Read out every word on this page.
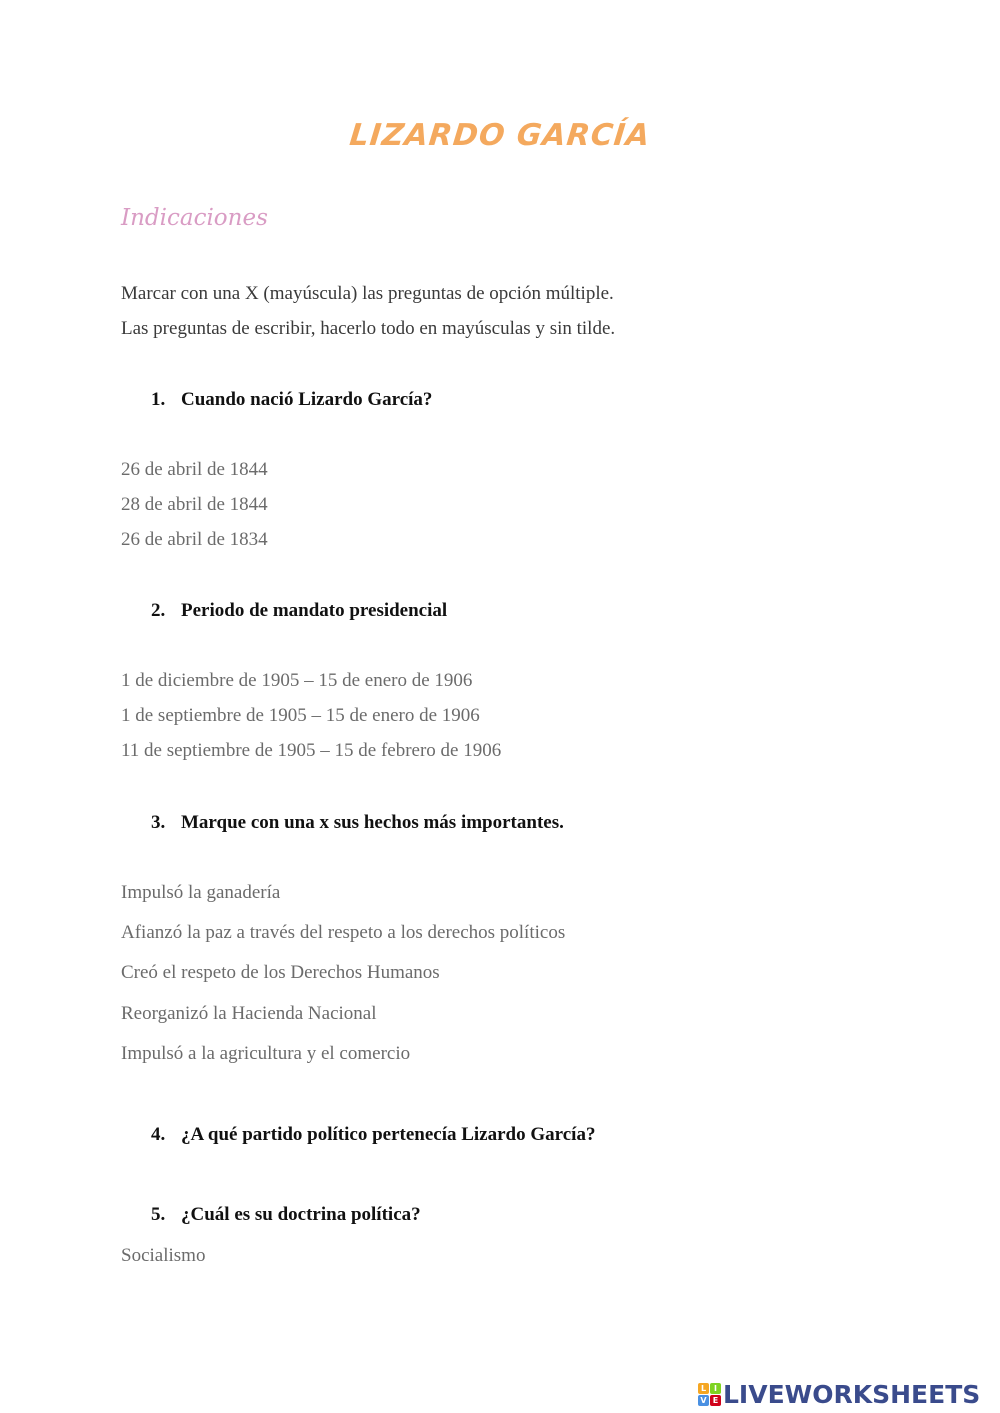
LIZARDO GARCÍA
Indicaciones
Marcar con una X (mayúscula) las preguntas de opción múltiple.
Las preguntas de escribir, hacerlo todo en mayúsculas y sin tilde.
1. Cuando nació Lizardo García?
26 de abril de 1844
28 de abril de 1844
26 de abril de 1834
2. Periodo de mandato presidencial
1 de diciembre de 1905 – 15 de enero de 1906
1 de septiembre de 1905 – 15 de enero de 1906
11 de septiembre de 1905 – 15 de febrero de 1906
3. Marque con una x sus hechos más importantes.
Impulsó la ganadería
Afianzó la paz a través del respeto a los derechos políticos
Creó el respeto de los Derechos Humanos
Reorganizó la Hacienda Nacional
Impulsó a la agricultura y el comercio
4. ¿A qué partido político pertenecía Lizardo García?
5. ¿Cuál es su doctrina política?
Socialismo
L I
V E LIVEWORKSHEETS
